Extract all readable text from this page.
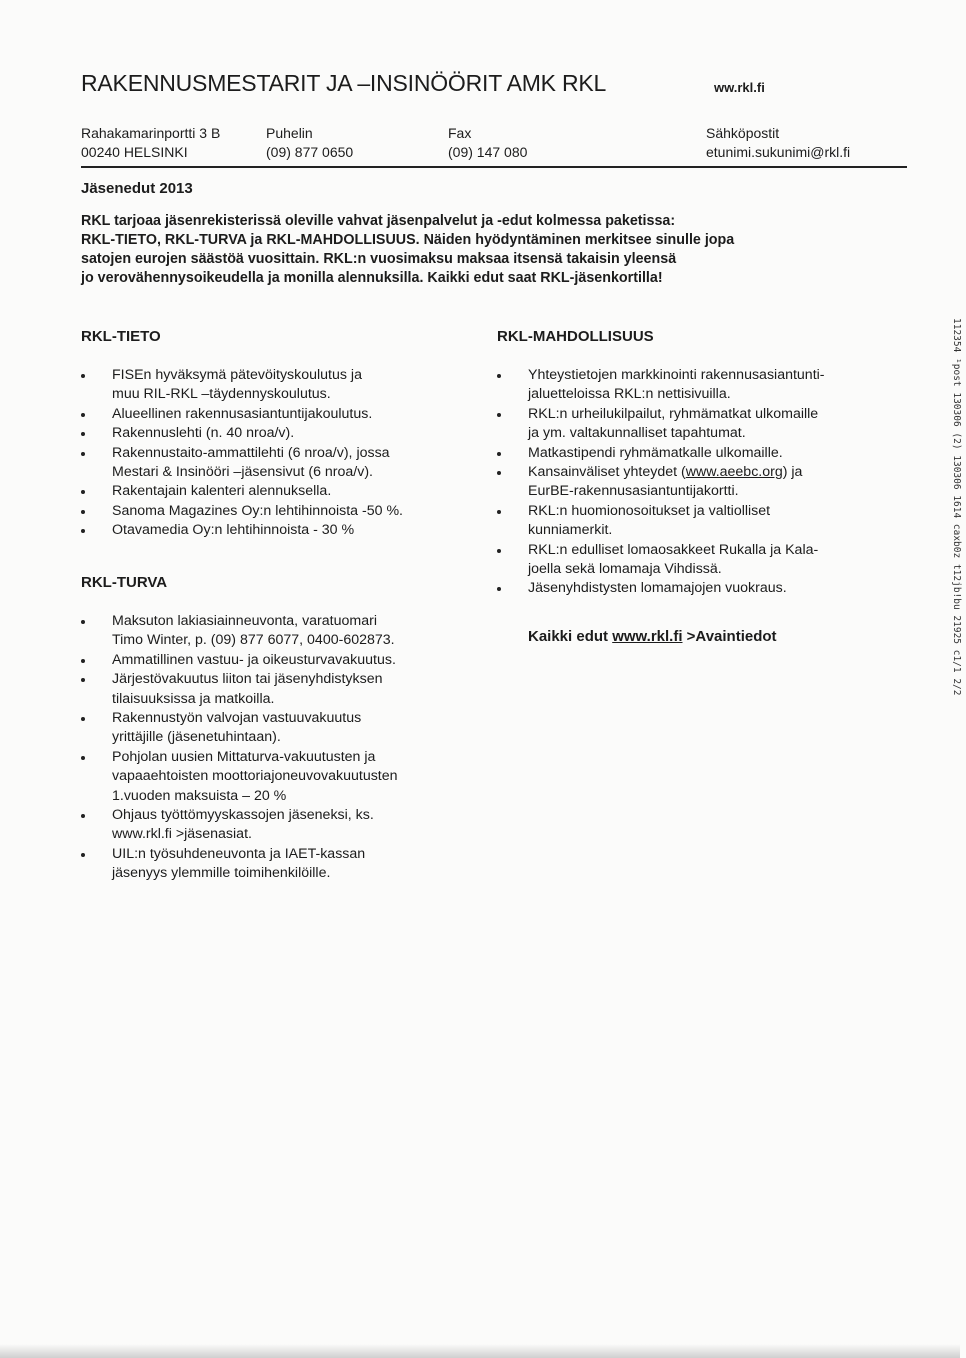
RAKENNUSMESTARIT JA –INSINÖÖRIT AMK RKL	ww.rkl.fi
Rahakamarinportti 3 B
00240 HELSINKI
Puhelin
(09) 877 0650
Fax
(09) 147 080
Sähköpostit
etunimi.sukunimi@rkl.fi
Jäsenedut 2013

RKL tarjoaa jäsenrekisterissä oleville vahvat jäsenpalvelut ja -edut kolmessa paketissa:

RKL-TIETO, RKL-TURVA ja RKL-MAHDOLLISUUS. Näiden hyödyntäminen merkitsee sinulle jopa

satojen eurojen säästöä vuosittain. RKL:n vuosimaksu maksaa itsensä takaisin yleensä

jo verovähennysoikeudella ja monilla alennuksilla. Kaikki edut saat RKL-jäsenkortilla!

RKL-TIETO
FISEn hyväksymä pätevöityskoulutus ja
muu RIL-RKL –täydennyskoulutus.
Alueellinen rakennusasiantuntijakoulutus.
Rakennuslehti (n. 40 nroa/v).
Rakennustaito-ammattilehti (6 nroa/v), jossa
Mestari & Insinööri –jäsensivut (6 nroa/v).
Rakentajain kalenteri alennuksella.
Sanoma Magazines Oy:n lehtihinnoista -50 %.
Otavamedia Oy:n lehtihinnoista - 30 %
RKL-TURVA
Maksuton lakiasiainneuvonta, varatuomari
Timo Winter, p. (09) 877 6077, 0400-602873.
Ammatillinen vastuu- ja oikeusturvavakuutus.
Järjestövakuutus liiton tai jäsenyhdistyksen
tilaisuuksissa ja matkoilla.
Rakennustyön valvojan vastuuvakuutus
yrittäjille (jäsenetuhintaan).
Pohjolan uusien Mittaturva-vakuutusten ja
vapaaehtoisten moottoriajoneuvovakuutusten
1.vuoden maksuista – 20 %
Ohjaus työttömyyskassojen jäseneksi, ks.
www.rkl.fi >jäsenasiat.
UIL:n työsuhdeneuvonta ja IAET-kassan
jäsenyys ylemmille toimihenkilöille.
RKL-MAHDOLLISUUS
Yhteystietojen markkinointi rakennusasiantunti-
jaluetteloissa RKL:n nettisivuilla.
RKL:n urheilukilpailut, ryhmämatkat ulkomaille
ja ym. valtakunnalliset tapahtumat.
Matkastipendi ryhmämatkalle ulkomaille.
Kansainväliset yhteydet (www.aeebc.org) ja
EurBE-rakennusasiantuntijakortti.
RKL:n huomionosoitukset ja valtiolliset
kunniamerkit.
RKL:n edulliset lomaosakkeet Rukalla ja Kala-
joella sekä lomamaja Vihdissä.
Jäsenyhdistysten lomamajojen vuokraus.
Kaikki edut www.rkl.fi >Avaintiedot	112354 ¹post 130306 (2) 130306 1614 caxb0z t12jb!bu 21925 c1/1 2/2
